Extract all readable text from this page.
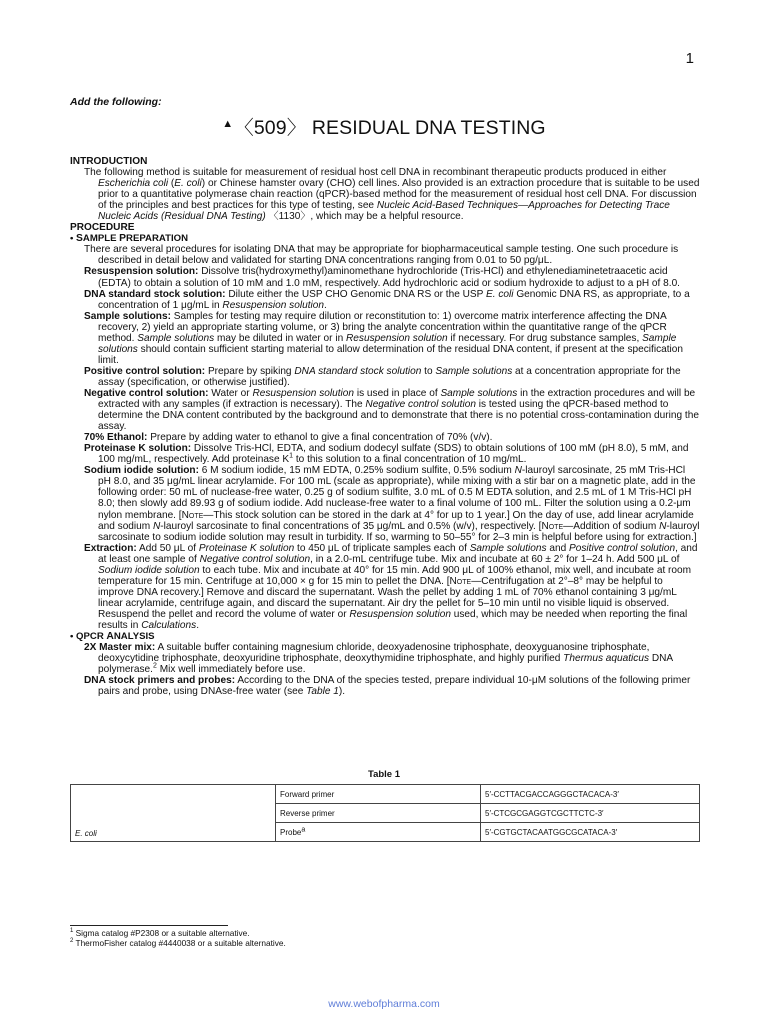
1
Add the following:
▲〈509〉 RESIDUAL DNA TESTING

INTRODUCTION

The following method is suitable for measurement of residual host cell DNA in recombinant therapeutic products produced in either Escherichia coli (E. coli) or Chinese hamster ovary (CHO) cell lines. Also provided is an extraction procedure that is suitable to be used prior to a quantitative polymerase chain reaction (qPCR)-based method for the measurement of residual host cell DNA. For discussion of the principles and best practices for this type of testing, see Nucleic Acid-Based Techniques—Approaches for Detecting Trace Nucleic Acids (Residual DNA Testing) 〈1130〉, which may be a helpful resource.

PROCEDURE

• SAMPLE PREPARATION

There are several procedures for isolating DNA that may be appropriate for biopharmaceutical sample testing. One such procedure is described in detail below and validated for starting DNA concentrations ranging from 0.01 to 50 pg/μL.

Resuspension solution: Dissolve tris(hydroxymethyl)aminomethane hydrochloride (Tris-HCl) and ethylenediaminetetraacetic acid (EDTA) to obtain a solution of 10 mM and 1.0 mM, respectively. Add hydrochloric acid or sodium hydroxide to adjust to a pH of 8.0.

DNA standard stock solution: Dilute either the USP CHO Genomic DNA RS or the USP E. coli Genomic DNA RS, as appropriate, to a concentration of 1 μg/mL in Resuspension solution.

Sample solutions: Samples for testing may require dilution or reconstitution to: 1) overcome matrix interference affecting the DNA recovery, 2) yield an appropriate starting volume, or 3) bring the analyte concentration within the quantitative range of the qPCR method. Sample solutions may be diluted in water or in Resuspension solution if necessary. For drug substance samples, Sample solutions should contain sufficient starting material to allow determination of the residual DNA content, if present at the specification limit.

Positive control solution: Prepare by spiking DNA standard stock solution to Sample solutions at a concentration appropriate for the assay (specification, or otherwise justified).

Negative control solution: Water or Resuspension solution is used in place of Sample solutions in the extraction procedures and will be extracted with any samples (if extraction is necessary). The Negative control solution is tested using the qPCR-based method to determine the DNA content contributed by the background and to demonstrate that there is no potential cross-contamination during the assay.

70% Ethanol: Prepare by adding water to ethanol to give a final concentration of 70% (v/v).

Proteinase K solution: Dissolve Tris-HCl, EDTA, and sodium dodecyl sulfate (SDS) to obtain solutions of 100 mM (pH 8.0), 5 mM, and 100 mg/mL, respectively. Add proteinase $K^1$ to this solution to a final concentration of 10 mg/mL.

Sodium iodide solution: 6 M sodium iodide, 15 mM EDTA, 0.25% sodium sulfite, 0.5% sodium N-lauroyl sarcosinate, 25 mM Tris-HCl pH 8.0, and 35 μg/mL linear acrylamide. For 100 mL (scale as appropriate), while mixing with a stir bar on a magnetic plate, add in the following order: 50 mL of nuclease-free water, 0.25 g of sodium sulfite, 3.0 mL of 0.5 M EDTA solution, and 2.5 mL of 1 M Tris-HCl pH 8.0; then slowly add 89.93 g of sodium iodide. Add nuclease-free water to a final volume of 100 mL. Filter the solution using a 0.2-μm nylon membrane. [Note—This stock solution can be stored in the dark at 4° for up to 1 year.] On the day of use, add linear acrylamide and sodium N-lauroyl sarcosinate to final concentrations of 35 μg/mL and 0.5% (w/v), respectively. [Note—Addition of sodium N-lauroyl sarcosinate to sodium iodide solution may result in turbidity. If so, warming to 50–55° for 2–3 min is helpful before using for extraction.]

Extraction: Add 50 μL of Proteinase K solution to 450 μL of triplicate samples each of Sample solutions and Positive control solution, and at least one sample of Negative control solution, in a 2.0-mL centrifuge tube. Mix and incubate at 60 ± 2° for 1–24 h. Add 500 μL of Sodium iodide solution to each tube. Mix and incubate at 40° for 15 min. Add 900 μL of 100% ethanol, mix well, and incubate at room temperature for 15 min. Centrifuge at 10,000 × g for 15 min to pellet the DNA. [Note—Centrifugation at 2°–8° may be helpful to improve DNA recovery.] Remove and discard the supernatant. Wash the pellet by adding 1 mL of 70% ethanol containing 3 μg/mL linear acrylamide, centrifuge again, and discard the supernatant. Air dry the pellet for 5–10 min until no visible liquid is observed. Resuspend the pellet and record the volume of water or Resuspension solution used, which may be needed when reporting the final results in Calculations.

• QPCR ANALYSIS

2X Master mix: A suitable buffer containing magnesium chloride, deoxyadenosine triphosphate, deoxyguanosine triphosphate, deoxycytidine triphosphate, deoxyuridine triphosphate, deoxythymidine triphosphate, and highly purified Thermus aquaticus DNA polymerase.$^2$ Mix well immediately before use.

DNA stock primers and probes: According to the DNA of the species tested, prepare individual 10-μM solutions of the following primer pairs and probe, using DNAse-free water (see Table 1).

Table 1
E. coli	Forward primer	5′-CCTTACGACCAGGGCTACACA-3′
	Reverse primer	5′-CTCGCGAGGTCGCTTCTC-3′
	Probe$^a$	5′-CGTGCTACAATGGCGCATACA-3′
$^1$ Sigma catalog #P2308 or a suitable alternative.
$^2$ ThermoFisher catalog #4440038 or a suitable alternative.
www.webofpharma.com
